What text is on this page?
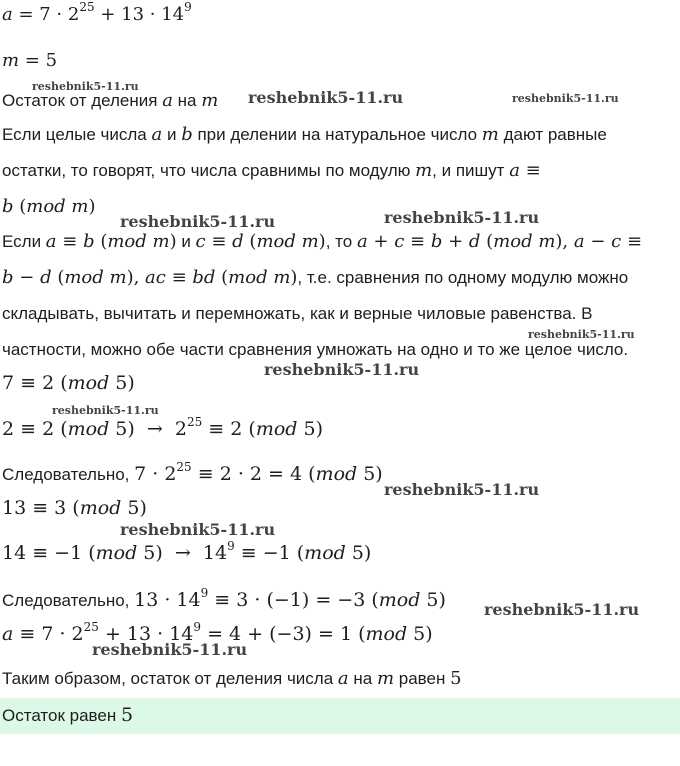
$a = 7 \cdot 2^{25} + 13 \cdot 14^9$
m = 5
Остаток от деления a на m
Если целые числа a и b при делении на натуральное число m дают равные
остатки, то говорят, что числа сравнимы по модулю m, и пишут a ≡
b (mod m)
Если a ≡ b (mod m) и c ≡ d (mod m), то a + c ≡ b + d (mod m), a − c ≡
b − d (mod m), ac ≡ bd (mod m), т.е. сравнения по одному модулю можно
складывать, вычитать и перемножать, как и верные чиловые равенства. В
частности, можно обе части сравнения умножать на одно и то же целое число.
7 ≡ 2 (mod 5)
2 ≡ 2 (mod $5) \to 2^{25} \equiv 2$ (mod 5)
Следовательно, $7 \cdot 2^{25} \equiv 2 \cdot 2 = 4$ (mod 5)
13 ≡ 3 (mod 5)
14 ≡ −1 (mod $5) \to 14^9 \equiv -1$ (mod 5)
Следовательно, $13 \cdot 14^9 \equiv 3 \cdot (-1) = -3$ (mod 5)
$a \equiv 7 \cdot 2^{25} + 13 \cdot 14^9 = 4 + (-3) = 1$ (mod 5)
Таким образом, остаток от деления числа a на m равен 5
Остаток равен 5
reshebnik5-11.ru
reshebnik5-11.ru	reshebnik5-11.ru
reshebnik5-11.ru	reshebnik5-11.ru
reshebnik5-11.ru
reshebnik5-11.ru
reshebnik5-11.ru
reshebnik5-11.ru
reshebnik5-11.ru
reshebnik5-11.ru
reshebnik5-11.ru
